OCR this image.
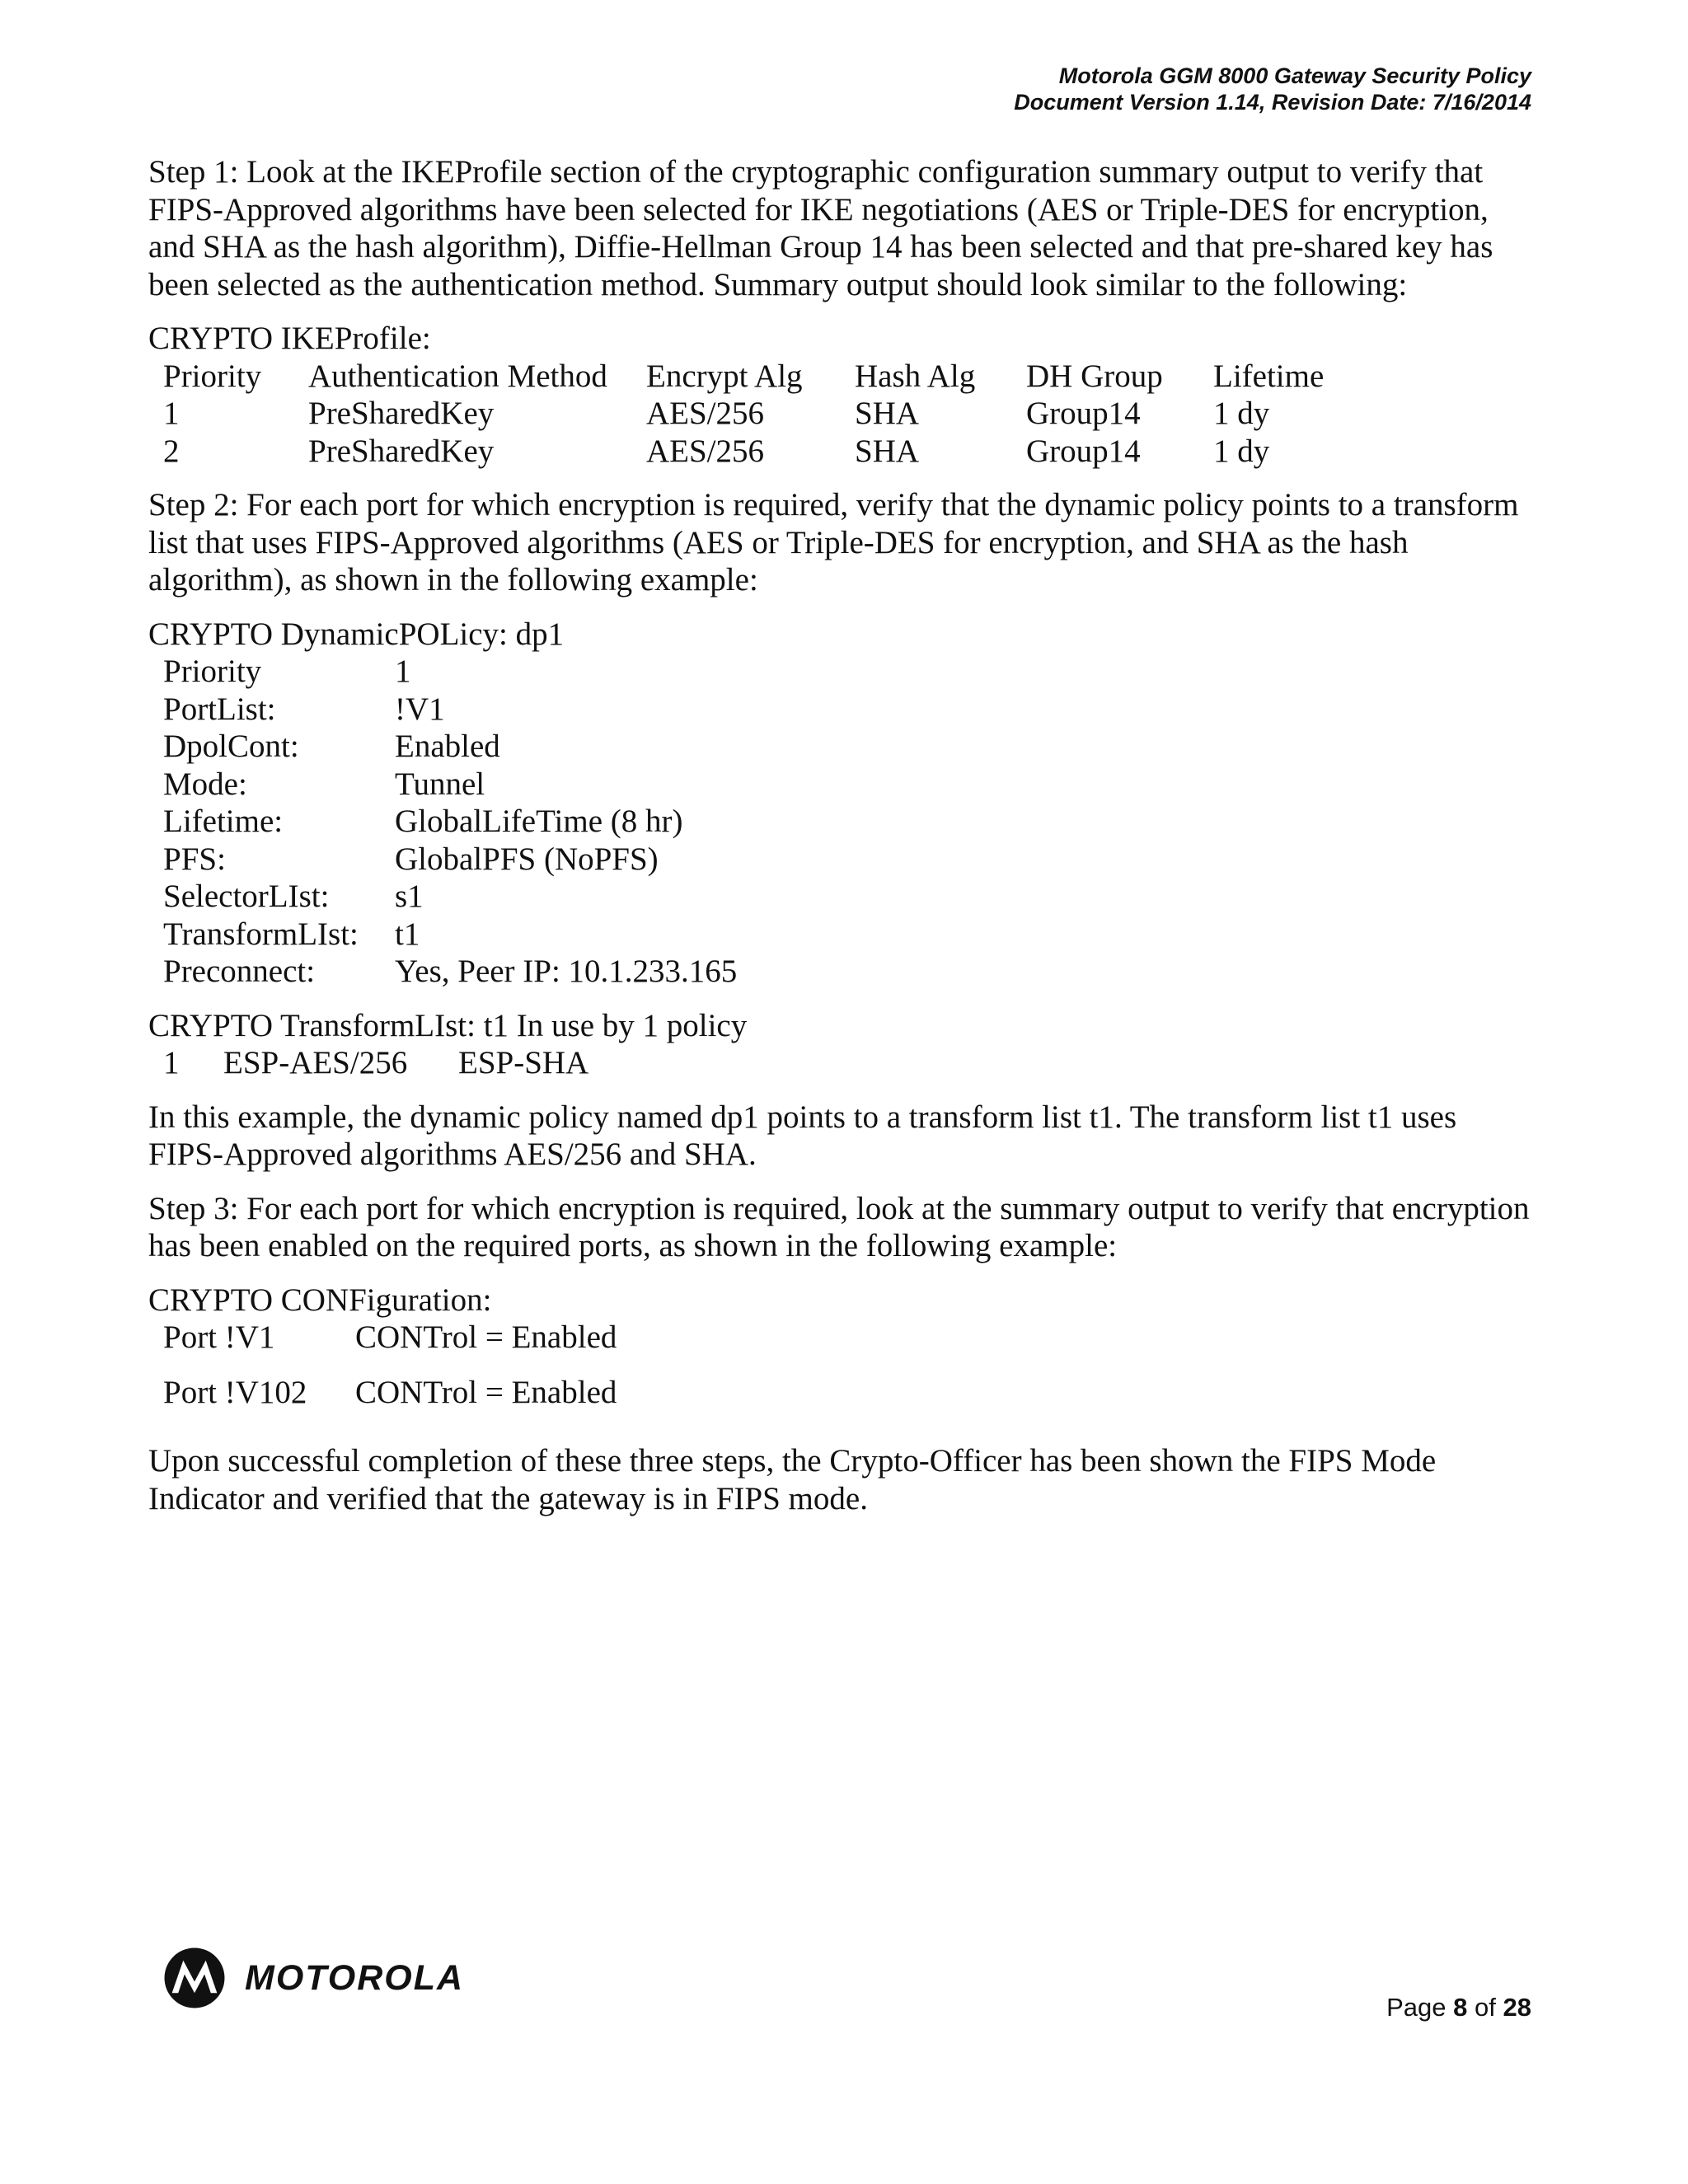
Motorola GGM 8000 Gateway Security Policy
Document Version 1.14, Revision Date: 7/16/2014

Step 1: Look at the IKEProfile section of the cryptographic configuration summary output to verify that FIPS-Approved algorithms have been selected for IKE negotiations (AES or Triple-DES for encryption, and SHA as the hash algorithm), Diffie-Hellman Group 14 has been selected and that pre-shared key has been selected as the authentication method. Summary output should look similar to the following:

CRYPTO IKEProfile:

Priority	Authentication Method	Encrypt Alg	Hash Alg	DH Group	Lifetime
1	PreSharedKey	AES/256	SHA	Group14	1 dy
2	PreSharedKey	AES/256	SHA	Group14	1 dy

Step 2: For each port for which encryption is required, verify that the dynamic policy points to a transform list that uses FIPS-Approved algorithms (AES or Triple-DES for encryption, and SHA as the hash algorithm), as shown in the following example:

CRYPTO DynamicPOLicy: dp1

Priority	1
PortList:	!V1
DpolCont:	Enabled
Mode:	Tunnel
Lifetime:	GlobalLifeTime (8 hr)
PFS:	GlobalPFS (NoPFS)
SelectorLIst:	s1
TransformLIst:	t1
Preconnect:	Yes, Peer IP: 10.1.233.165

CRYPTO TransformLIst: t1 In use by 1 policy

1	ESP-AES/256	ESP-SHA

In this example, the dynamic policy named dp1 points to a transform list t1. The transform list t1 uses FIPS-Approved algorithms AES/256 and SHA.

Step 3: For each port for which encryption is required, look at the summary output to verify that encryption has been enabled on the required ports, as shown in the following example:

CRYPTO CONFiguration:

Port !V1	CONTrol = Enabled
Port !V102	CONTrol = Enabled

Upon successful completion of these three steps, the Crypto-Officer has been shown the FIPS Mode Indicator and verified that the gateway is in FIPS mode.

MOTOROLA
Page 8 of 28
